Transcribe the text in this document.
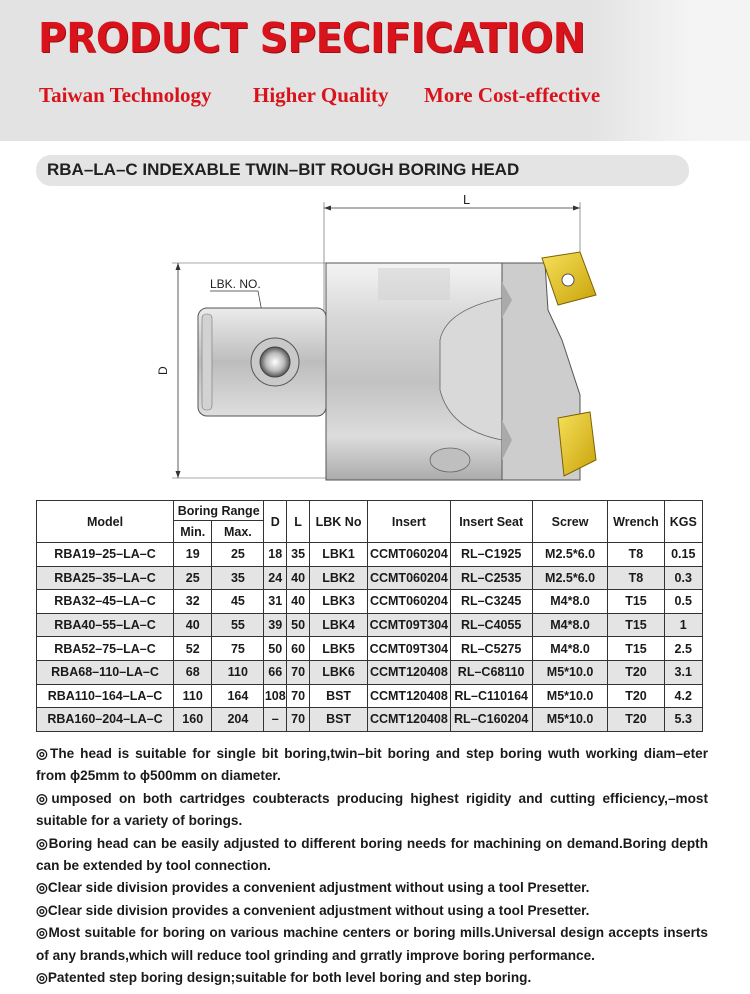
PRODUCT SPECIFICATION
Taiwan Technology Higher Quality More Cost-effective
RBA–LA–C INDEXABLE TWIN–BIT ROUGH BORING HEAD
L
D
LBK. NO.
Model	Boring Range		D	L	LBK No	Insert	Insert Seat	Screw	Wrench	KGS
	Min.	Max.								
RBA19–25–LA–C	19	25	18	35	LBK1	CCMT060204	RL–C1925	M2.5*6.0	T8	0.15
RBA25–35–LA–C	25	35	24	40	LBK2	CCMT060204	RL–C2535	M2.5*6.0	T8	0.3
RBA32–45–LA–C	32	45	31	40	LBK3	CCMT060204	RL–C3245	M4*8.0	T15	0.5
RBA40–55–LA–C	40	55	39	50	LBK4	CCMT09T304	RL–C4055	M4*8.0	T15	1
RBA52–75–LA–C	52	75	50	60	LBK5	CCMT09T304	RL–C5275	M4*8.0	T15	2.5
RBA68–110–LA–C	68	110	66	70	LBK6	CCMT120408	RL–C68110	M5*10.0	T20	3.1
RBA110–164–LA–C	110	164	108	70	BST	CCMT120408	RL–C110164	M5*10.0	T20	4.2
RBA160–204–LA–C	160	204	–	70	BST	CCMT120408	RL–C160204	M5*10.0	T20	5.3

◎The head is suitable for single bit boring,twin–bit boring and step boring wuth working diam–eter from ϕ25mm to ϕ500mm on diameter.

◎umposed on both cartridges coubteracts producing highest rigidity and cutting efficiency,–most suitable for a variety of borings.

◎Boring head can be easily adjusted to different boring needs for machining on demand.Boring depth can be extended by tool connection.

◎Clear side division provides a convenient adjustment without using a tool Presetter.

◎Clear side division provides a convenient adjustment without using a tool Presetter.

◎Most suitable for boring on various machine centers or boring mills.Universal design accepts inserts of any brands,which will reduce tool grinding and grratly improve boring performance.

◎Patented step boring design;suitable for both level boring and step boring.
